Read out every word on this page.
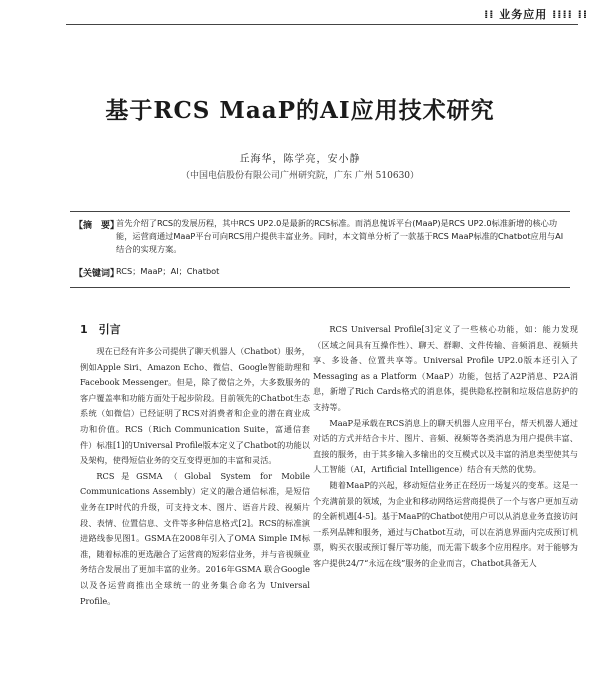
⁞⁞ 业务应用 ⁞⁞⁞⁞ ⁞⁞
基于RCS MaaP的AI应用技术研究
丘海华，陈学亮，安小静
（中国电信股份有限公司广州研究院，广东 广州 510630）
【摘　要】
首先介绍了RCS的发展历程，其中RCS UP2.0是最新的RCS标准。而消息傀诉平台(MaaP)是RCS UP2.0标准新增的核心功能，运营商通过MaaP平台可向RCS用户提供丰富业务。同时，本文简单分析了一款基于RCS MaaP标准的Chatbot应用与AI结合的实现方案。
【关键词】
RCS；MaaP；AI；Chatbot
1　引言

现在已经有许多公司提供了聊天机器人（Chatbot）服务，例如Apple Siri、Amazon Echo、微信、Google智能助理和Facebook Messenger。但是，除了微信之外，大多数服务的客户覆盖率和功能方面处于起步阶段。目前领先的Chatbot生态系统（如微信）已经证明了RCS对消费者和企业的潜在商业成功和价值。RCS（Rich Communication Suite，富通信套件）标准[1]的Universal Profile版本定义了Chatbot的功能以及架构，使得短信业务的交互变得更加的丰富和灵活。

RCS是GSMA（Global System for Mobile Communications Assembly）定义的融合通信标准，是短信业务在IP时代的升级，可支持文本、图片、语音片段、视频片段、表情、位置信息、文件等多种信息格式[2]。RCS的标准演进路线参见图1。GSMA在2008年引入了OMA Simple IM标准，随着标准的更选融合了运营商的短彩信业务，并与音视频业务结合发展出了更加丰富的业务。2016年GSMA 联合Google以及各运营商推出全球统一的业务集合命名为 Universal Profile。

RCS Universal Profile[3]定义了一些核心功能，如：能力发现（区域之间具有互操作性）、聊天、群聊、文件传输、音频消息、视频共享、多设备、位置共享等。Universal Profile UP2.0版本还引入了Messaging as a Platform（MaaP）功能，包括了A2P消息、P2A消息，新增了Rich Cards格式的消息体，提供隐私控制和垃圾信息防护的支持等。

MaaP是承载在RCS消息上的聊天机器人应用平台，帮天机器人通过对话的方式并结合卡片、图片、音频、视频等各类消息为用户提供丰富、直接的服务，由于其多输入多输出的交互模式以及丰富的消息类型使其与人工智能（AI，Artificial Intelligence）结合有天然的优势。

随着MaaP的兴起，移动短信业务正在经历一场复兴的变革。这是一个充满前景的领域，为企业和移动网络运营商提供了一个与客户更加互动的全新机遇[4-5]。基于MaaP的Chatbot使用户可以从消息业务直接访问一系列品牌和服务，通过与Chatbot互动，可以在消息界面内完成预订机票，购买衣服或预订餐厅等功能，而无需下载多个应用程序。对于能够为客户提供24/7“永远在线”服务的企业而言，Chatbot具备无人
